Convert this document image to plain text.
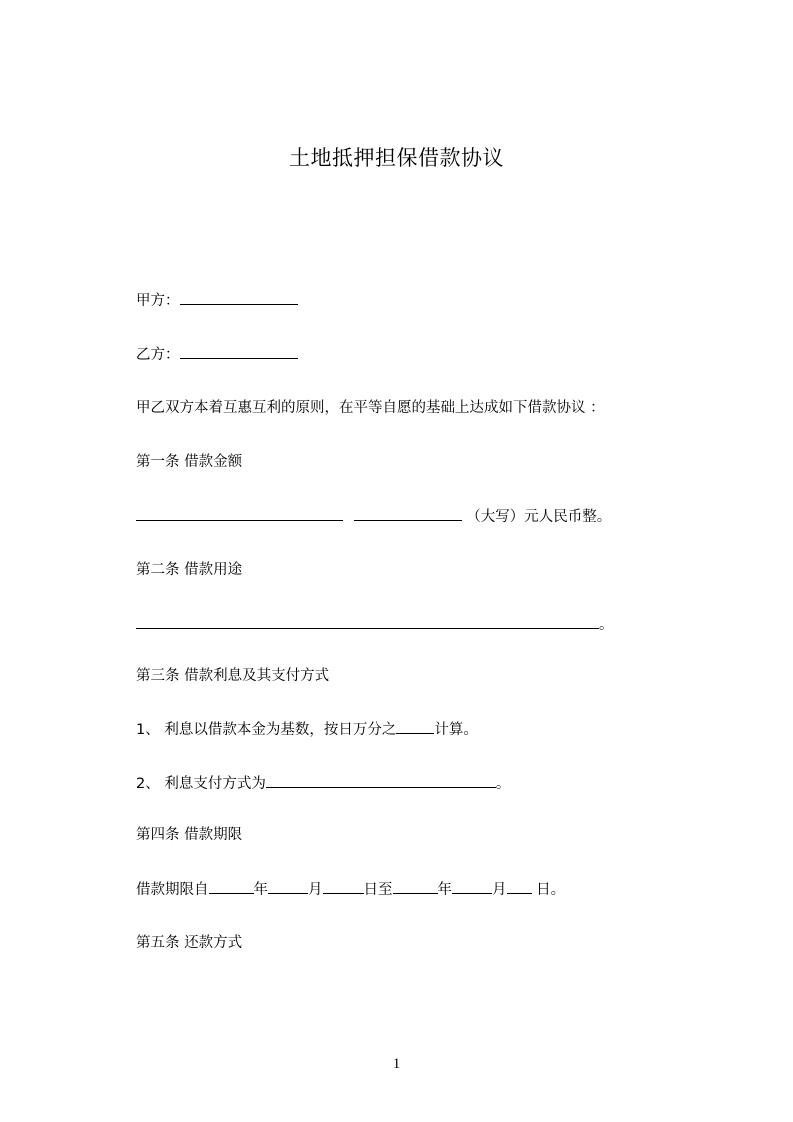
土地抵押担保借款协议
甲方：
乙方：
甲乙双方本着互惠互利的原则，在平等自愿的基础上达成如下借款协议 ：
第一条 借款金额
（大写）元人民币整。
第二条 借款用途
。
第三条 借款利息及其支付方式
1、 利息以借款本金为基数，按日万分之	计算。
2、 利息支付方式为	。
第四条 借款期限
借款期限自	年	月	日至	年	月 日。
第五条 还款方式
1
